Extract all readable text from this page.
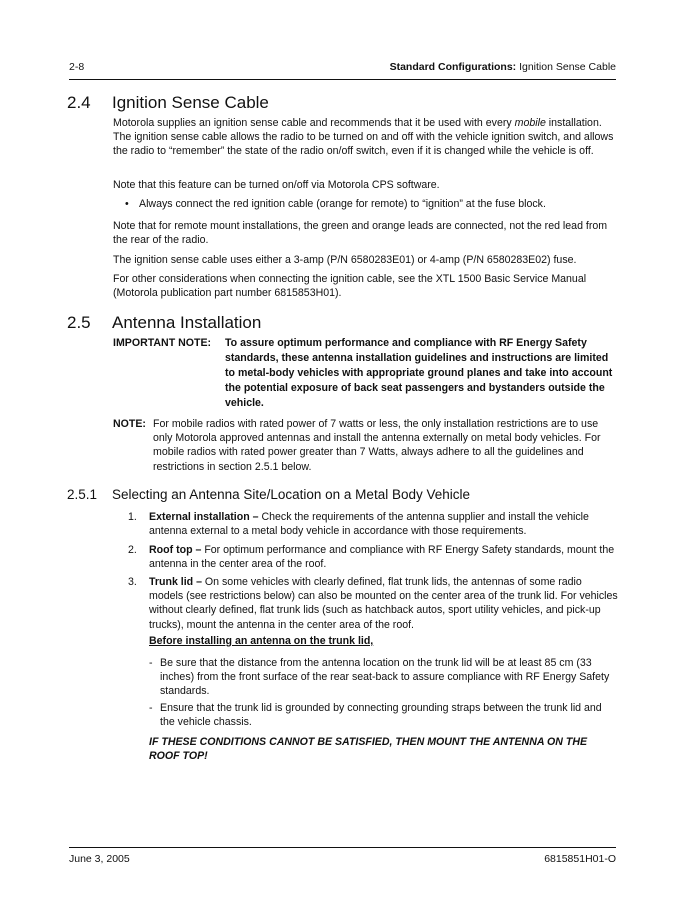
2-8	Standard Configurations: Ignition Sense Cable
2.4 Ignition Sense Cable

Motorola supplies an ignition sense cable and recommends that it be used with every mobile installation. The ignition sense cable allows the radio to be turned on and off with the vehicle ignition switch, and allows the radio to “remember” the state of the radio on/off switch, even if it is changed while the vehicle is off.

Note that this feature can be turned on/off via Motorola CPS software.

• Always connect the red ignition cable (orange for remote) to “ignition” at the fuse block.

Note that for remote mount installations, the green and orange leads are connected, not the red lead from the rear of the radio.

The ignition sense cable uses either a 3-amp (P/N 6580283E01) or 4-amp (P/N 6580283E02) fuse.

For other considerations when connecting the ignition cable, see the XTL 1500 Basic Service Manual (Motorola publication part number 6815853H01).

2.5 Antenna Installation
IMPORTANT NOTE: To assure optimum performance and compliance with RF Energy Safety standards, these antenna installation guidelines and instructions are limited to metal-body vehicles with appropriate ground planes and take into account the potential exposure of back seat passengers and bystanders outside the vehicle.
NOTE: For mobile radios with rated power of 7 watts or less, the only installation restrictions are to use only Motorola approved antennas and install the antenna externally on metal body vehicles. For mobile radios with rated power greater than 7 Watts, always adhere to all the guidelines and restrictions in section 2.5.1 below.
2.5.1 Selecting an Antenna Site/Location on a Metal Body Vehicle
1. External installation – Check the requirements of the antenna supplier and install the vehicle antenna external to a metal body vehicle in accordance with those requirements.
2. Roof top – For optimum performance and compliance with RF Energy Safety standards, mount the antenna in the center area of the roof.
3. Trunk lid – On some vehicles with clearly defined, flat trunk lids, the antennas of some radio models (see restrictions below) can also be mounted on the center area of the trunk lid. For vehicles without clearly defined, flat trunk lids (such as hatchback autos, sport utility vehicles, and pick-up trucks), mount the antenna in the center area of the roof.
Before installing an antenna on the trunk lid,
- Be sure that the distance from the antenna location on the trunk lid will be at least 85 cm (33 inches) from the front surface of the rear seat-back to assure compliance with RF Energy Safety standards.
- Ensure that the trunk lid is grounded by connecting grounding straps between the trunk lid and the vehicle chassis.
IF THESE CONDITIONS CANNOT BE SATISFIED, THEN MOUNT THE ANTENNA ON THE ROOF TOP!
June 3, 2005	6815851H01-O
